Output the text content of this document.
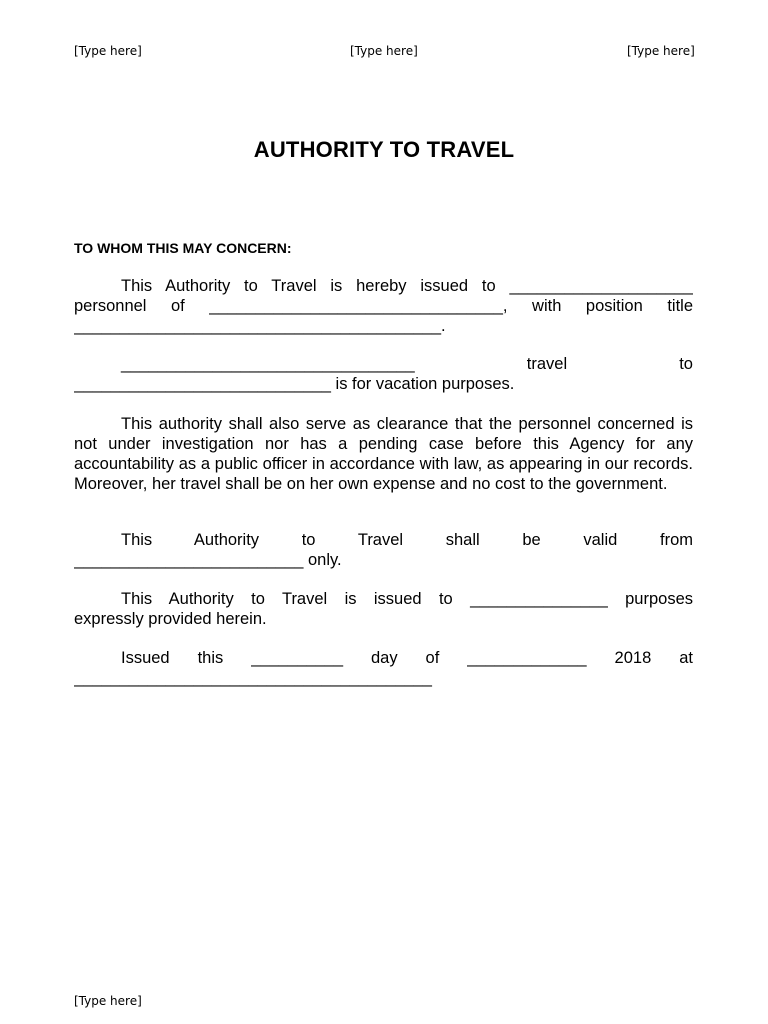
[Type here]	[Type here]	[Type here]
AUTHORITY TO TRAVEL
TO WHOM THIS MAY CONCERN:
This Authority to Travel is hereby issued to ____________________
personnel of ________________________________, with position title
________________________________________.
________________________________ travel to
____________________________ is for vacation purposes.

This authority shall also serve as clearance that the personnel concerned is not under investigation nor has a pending case before this Agency for any accountability as a public officer in accordance with law, as appearing in our records. Moreover, her travel shall be on her own expense and no cost to the government.

This Authority to Travel shall be valid from
_________________________ only.
This Authority to Travel is issued to _______________ purposes
expressly provided herein.
Issued this __________ day of _____________ 2018 at
_______________________________________
[Type here]
